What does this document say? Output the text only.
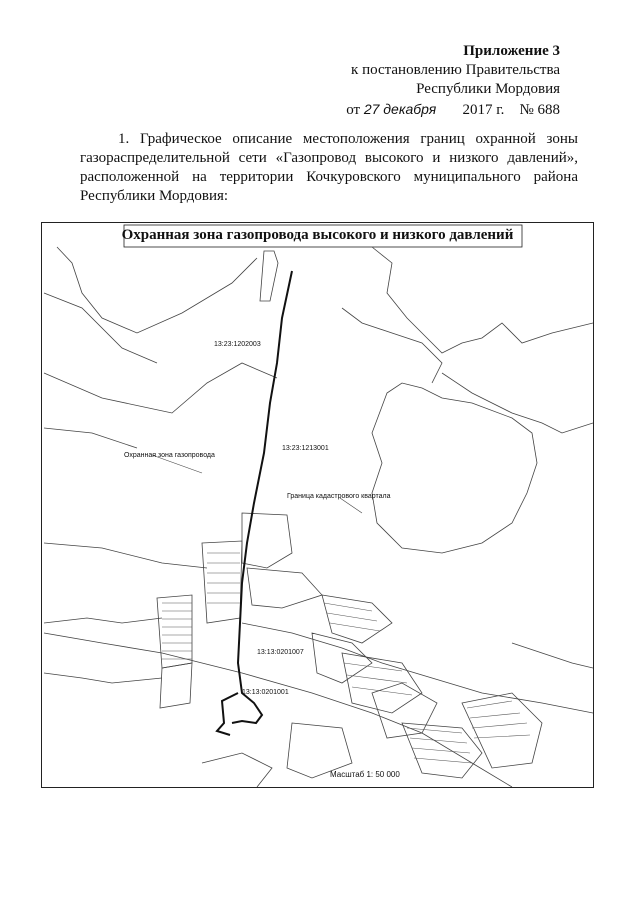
Приложение 3
к постановлению Правительства
Республики Мордовия
от 27 декабря 2017 г. № 688
1. Графическое описание местоположения границ охранной зоны газораспределительной сети «Газопровод высокого и низкого давлений», расположенной на территории Кочкуровского муниципального района Республики Мордовия:
Охранная зона газопровода высокого и низкого давлений
13:23:1202003
13:23:1213001
Охранная зона газопровода
Граница кадастрового квартала
13:13:0201007
13:13:0201001
Масштаб 1: 50 000
